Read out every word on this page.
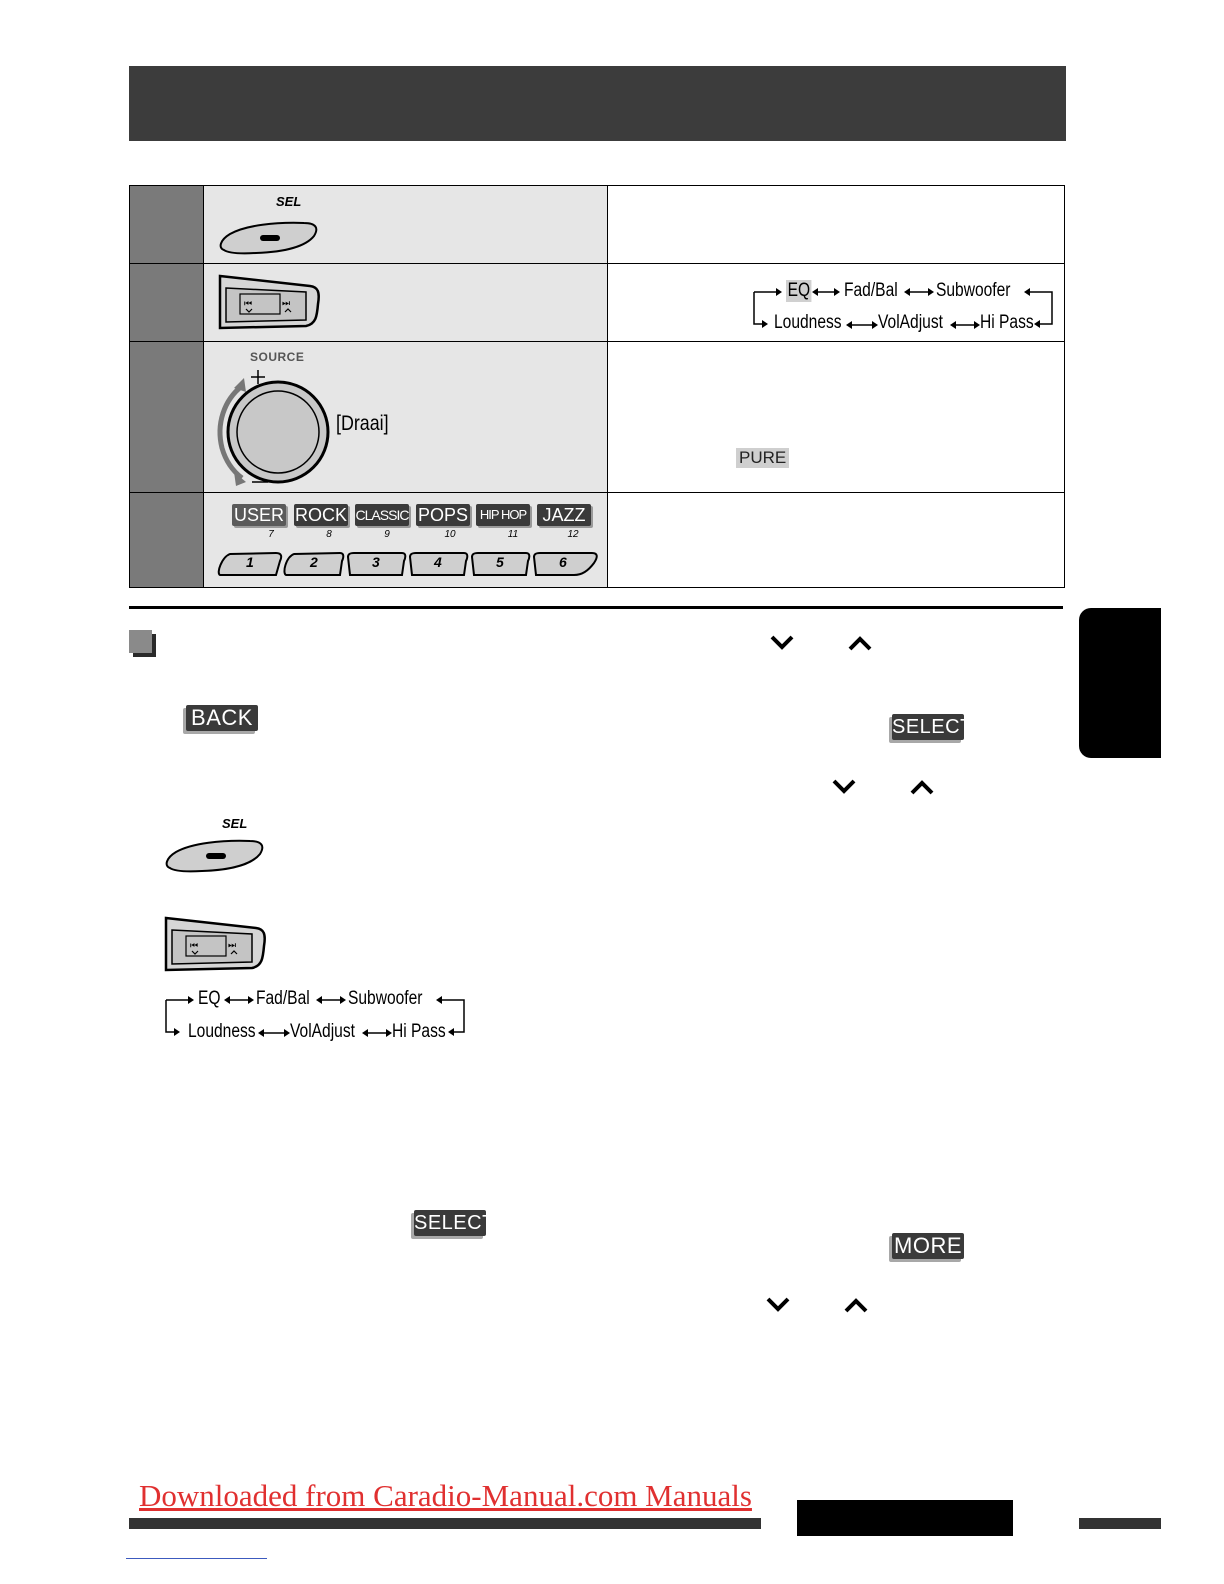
SEL
⏮	⏭
EQ Fad/Bal Subwoofer
Loudness VolAdjust Hi Pass
SOURCE
[Draai]
PURE
USER ROCK CLASSIC POPS HIP HOP JAZZ
7	8	9	10	11	12
1	2	3	4	5	6
BACK	SELECT
SELECT
MORE
SEL
⏮	⏭
EQ Fad/Bal Subwoofer
Loudness VolAdjust Hi Pass
Downloaded from Caradio-Manual.com Manuals
